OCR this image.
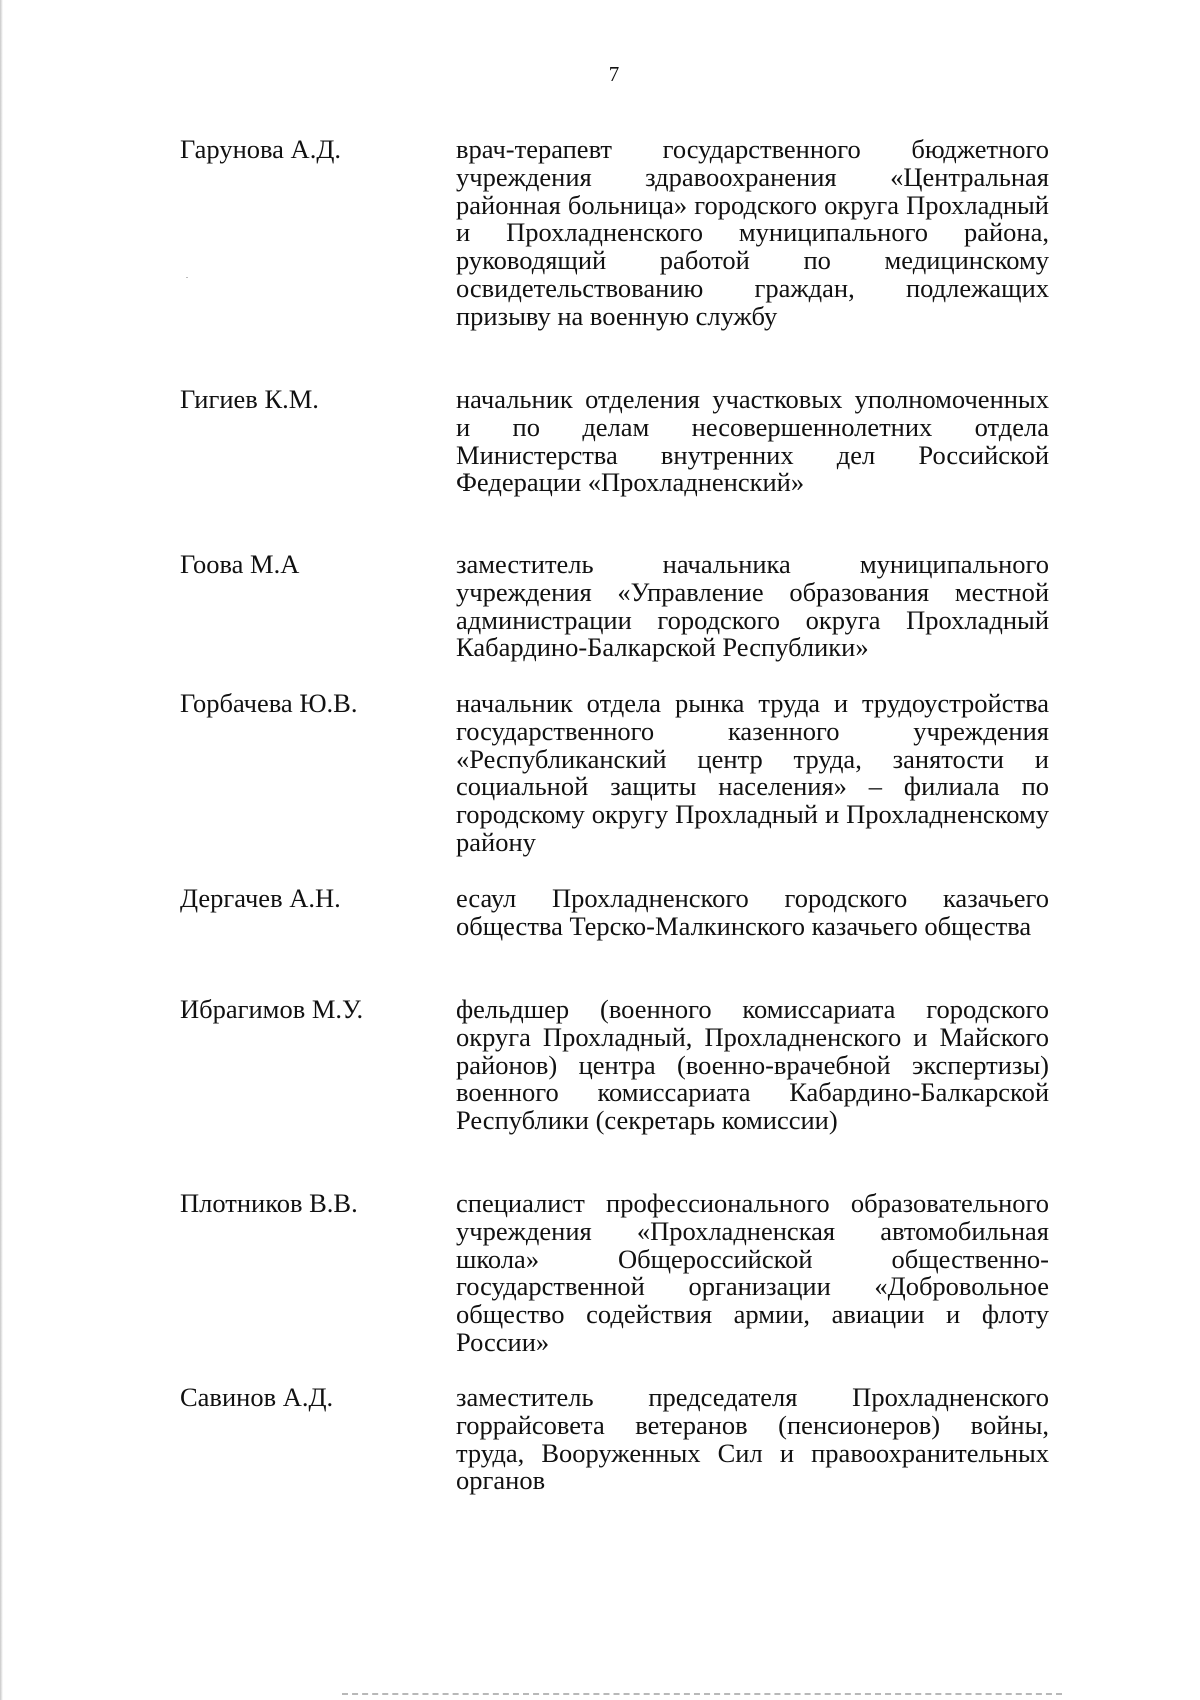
7
Гарунова А.Д.	врач-терапевт государственного бюджетного учреждения здравоохранения «Центральная районная больница» городского округа Прохладный и Прохладненского муниципального района, руководящий работой по медицинскому освидетельствованию граждан, подлежащих призыву на военную службу
Гигиев К.М.	начальник отделения участковых уполномоченных и по делам несовершеннолетних отдела Министерства внутренних дел Российской Федерации «Прохладненский»
Гоова М.А	заместитель начальника муниципального учреждения «Управление образования местной администрации городского округа Прохладный Кабардино-Балкарской Республики»
Горбачева Ю.В.	начальник отдела рынка труда и трудоустройства государственного казенного учреждения «Республиканский центр труда, занятости и социальной защиты населения» – филиала по городскому округу Прохладный и Прохладненскому району
Дергачев А.Н.	есаул Прохладненского городского казачьего общества Терско-Малкинского казачьего общества
Ибрагимов М.У.	фельдшер (военного комиссариата городского округа Прохладный, Прохладненского и Майского районов) центра (военно-врачебной экспертизы) военного комиссариата Кабардино-Балкарской Республики (секретарь комиссии)
Плотников В.В.	специалист профессионального образовательного учреждения «Прохладненская автомобильная школа» Общероссийской общественно-государственной организации «Добровольное общество содействия армии, авиации и флоту России»
Савинов А.Д.	заместитель председателя Прохладненского горрайсовета ветеранов (пенсионеров) войны, труда, Вооруженных Сил и правоохранительных органов
